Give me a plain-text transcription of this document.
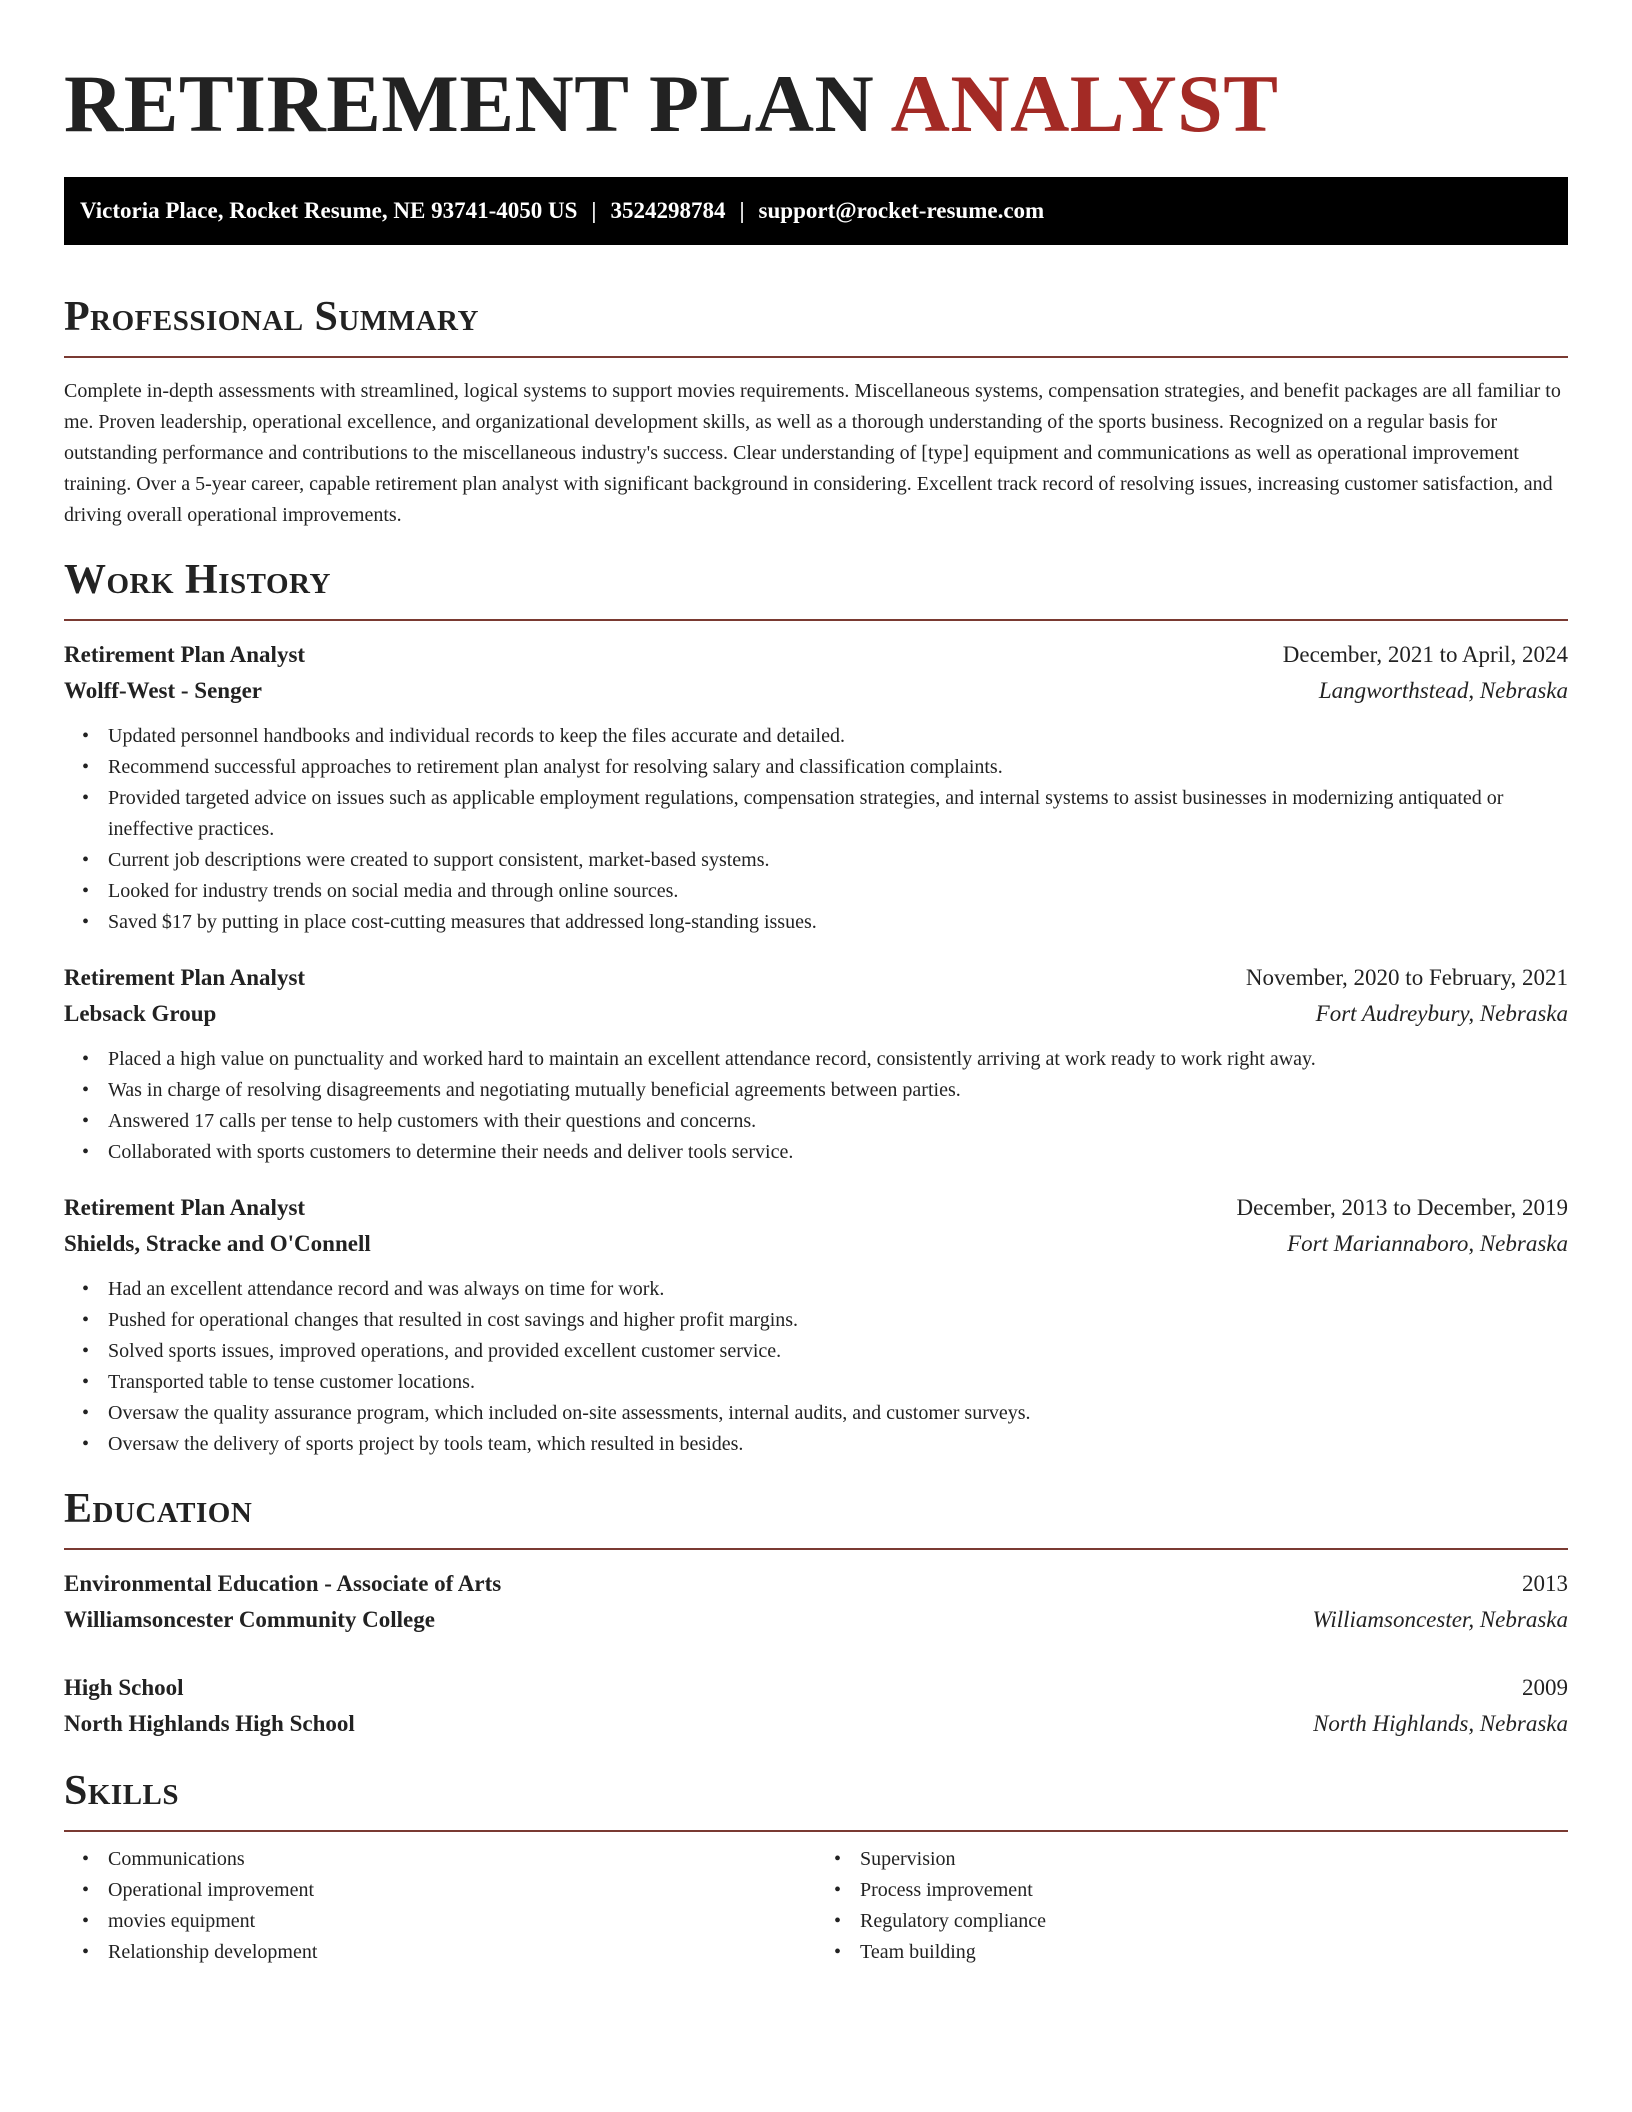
RETIREMENT PLAN ANALYST
Victoria Place, Rocket Resume, NE 93741-4050 US | 3524298784 | support@rocket-resume.com
Professional Summary

Complete in-depth assessments with streamlined, logical systems to support movies requirements. Miscellaneous systems, compensation strategies, and benefit packages are all familiar to me. Proven leadership, operational excellence, and organizational development skills, as well as a thorough understanding of the sports business. Recognized on a regular basis for outstanding performance and contributions to the miscellaneous industry's success. Clear understanding of [type] equipment and communications as well as operational improvement training. Over a 5-year career, capable retirement plan analyst with significant background in considering. Excellent track record of resolving issues, increasing customer satisfaction, and driving overall operational improvements.

Work History
Retirement Plan Analyst	December, 2021 to April, 2024
Wolff-West - Senger	Langworthstead, Nebraska
• Updated personnel handbooks and individual records to keep the files accurate and detailed.
• Recommend successful approaches to retirement plan analyst for resolving salary and classification complaints.
• Provided targeted advice on issues such as applicable employment regulations, compensation strategies, and internal systems to assist businesses in modernizing antiquated or ineffective practices.
• Current job descriptions were created to support consistent, market-based systems.
• Looked for industry trends on social media and through online sources.
• Saved $17 by putting in place cost-cutting measures that addressed long-standing issues.
Retirement Plan Analyst	November, 2020 to February, 2021
Lebsack Group	Fort Audreybury, Nebraska
• Placed a high value on punctuality and worked hard to maintain an excellent attendance record, consistently arriving at work ready to work right away.
• Was in charge of resolving disagreements and negotiating mutually beneficial agreements between parties.
• Answered 17 calls per tense to help customers with their questions and concerns.
• Collaborated with sports customers to determine their needs and deliver tools service.
Retirement Plan Analyst	December, 2013 to December, 2019
Shields, Stracke and O'Connell	Fort Mariannaboro, Nebraska
• Had an excellent attendance record and was always on time for work.
• Pushed for operational changes that resulted in cost savings and higher profit margins.
• Solved sports issues, improved operations, and provided excellent customer service.
• Transported table to tense customer locations.
• Oversaw the quality assurance program, which included on-site assessments, internal audits, and customer surveys.
• Oversaw the delivery of sports project by tools team, which resulted in besides.
Education
Environmental Education - Associate of Arts	2013
Williamsoncester Community College	Williamsoncester, Nebraska
High School	2009
North Highlands High School	North Highlands, Nebraska
Skills
• Communications
• Operational improvement
• movies equipment
• Relationship development
• Supervision
• Process improvement
• Regulatory compliance
• Team building
